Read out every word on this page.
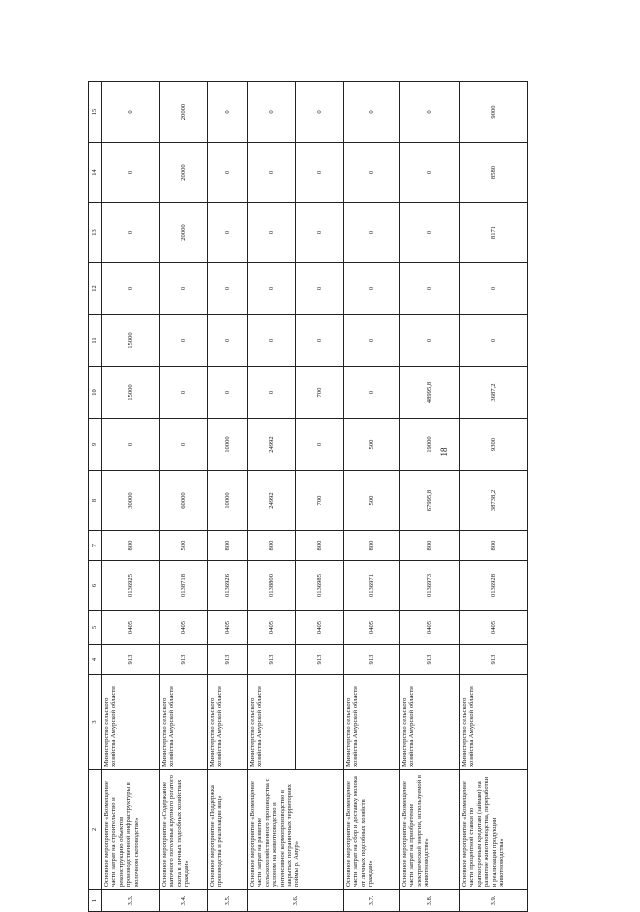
18
1	2	3	4	5	6	7	8	9	10	11	12	13	14	15
3.3.	Основное мероприятие «Возмещение части затрат на строительство и реконструкцию объектов производственной инфраструктуры в молочном скотоводстве»	Министерство сельского хозяйства Амурской области	913	0405	0136925	800	30000	0	15000	15000	0	0	0	0
3.4.	Основное мероприятие «Содержание маточного поголовья крупного рогатого скота в личных подсобных хозяйствах граждан»	Министерство сельского хозяйства Амурской области	913	0405	0138718	500	60000	0	0	0	0	20000	20000	20000
3.5.	Основное мероприятие «Поддержка производства и реализации яиц»	Министерство сельского хозяйства Амурской области	913	0405	0136926	800	10000	10000	0	0	0	0	0	0
3.6.	Основное мероприятие «Возмещение части затрат на развитие сельскохозяйственного производства с уклоном на животноводство и интенсивное кормопроизводство в закрытых пограничных территориях поймы р. Амур»	Министерство сельского хозяйства Амурской области	913	0405	0138800	800	24992	24992	0	0	0	0	0	0
			913	0405	0136985	800	700	0	700	0	0	0	0	0
3.7.	Основное мероприятие «Возмещение части затрат на сбор и доставку молока от личных подсобных хозяйств граждан»	Министерство сельского хозяйства Амурской области	913	0405	0136971	800	500	500	0	0	0	0	0	0
3.8.	Основное мероприятие «Возмещение части затрат на приобретение электрической энергии, используемой в животноводстве»	Министерство сельского хозяйства Амурской области	913	0405	0136973	800	67995,8	19000	48995,8	0	0	0	0	0
3.9.	Основное мероприятие «Возмещение части процентной ставки по краткосрочным кредитам (займам) на развитие животноводства, переработки и реализации продукции животноводства»	Министерство сельского хозяйства Амурской области	913	0405	0136928	800	38738,2	9300	3687,2	0	0	8171	8580	9000
